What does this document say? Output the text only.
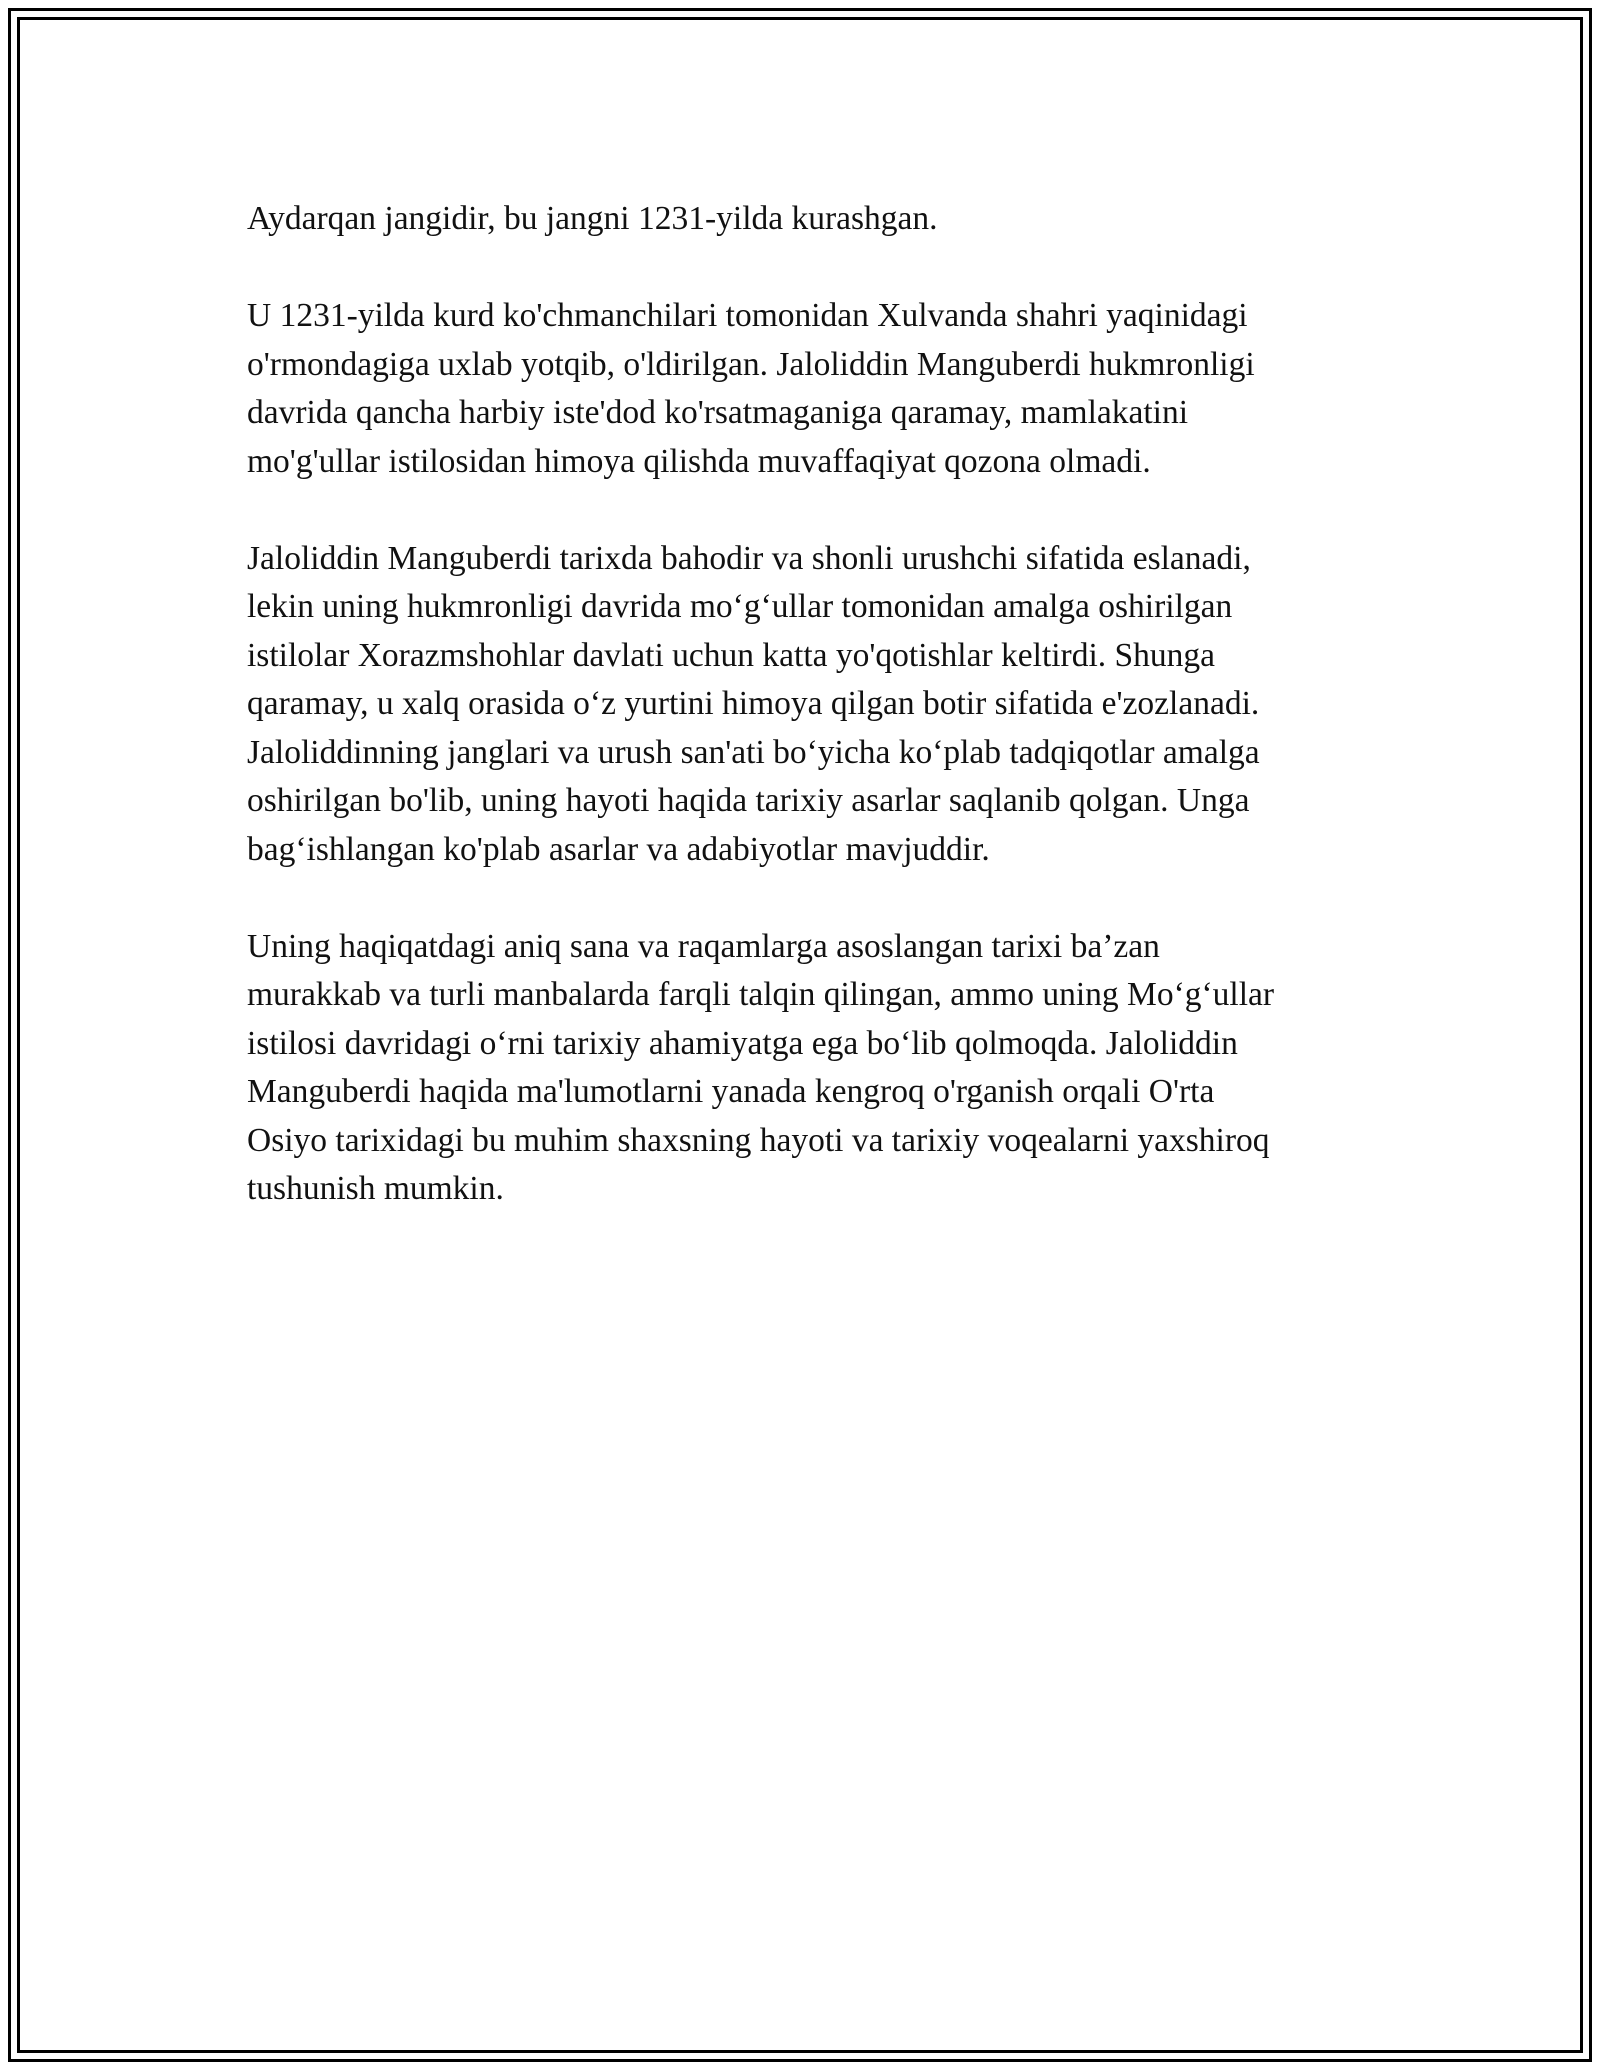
Aydarqan jangidir, bu jangni 1231-yilda kurashgan.

U 1231-yilda kurd ko'chmanchilari tomonidan Xulvanda shahri yaqinidagi
o'rmondagiga uxlab yotqib, o'ldirilgan. Jaloliddin Manguberdi hukmronligi
davrida qancha harbiy iste'dod ko'rsatmaganiga qaramay, mamlakatini
mo'g'ullar istilosidan himoya qilishda muvaffaqiyat qozona olmadi.

Jaloliddin Manguberdi tarixda bahodir va shonli urushchi sifatida eslanadi,
lekin uning hukmronligi davrida mo‘g‘ullar tomonidan amalga oshirilgan
istilolar Xorazmshohlar davlati uchun katta yo'qotishlar keltirdi. Shunga
qaramay, u xalq orasida o‘z yurtini himoya qilgan botir sifatida e'zozlanadi.
Jaloliddinning janglari va urush san'ati bo‘yicha ko‘plab tadqiqotlar amalga
oshirilgan bo'lib, uning hayoti haqida tarixiy asarlar saqlanib qolgan. Unga
bag‘ishlangan ko'plab asarlar va adabiyotlar mavjuddir.

Uning haqiqatdagi aniq sana va raqamlarga asoslangan tarixi ba’zan
murakkab va turli manbalarda farqli talqin qilingan, ammo uning Mo‘g‘ullar
istilosi davridagi o‘rni tarixiy ahamiyatga ega bo‘lib qolmoqda. Jaloliddin
Manguberdi haqida ma'lumotlarni yanada kengroq o'rganish orqali O'rta
Osiyo tarixidagi bu muhim shaxsning hayoti va tarixiy voqealarni yaxshiroq
tushunish mumkin.
